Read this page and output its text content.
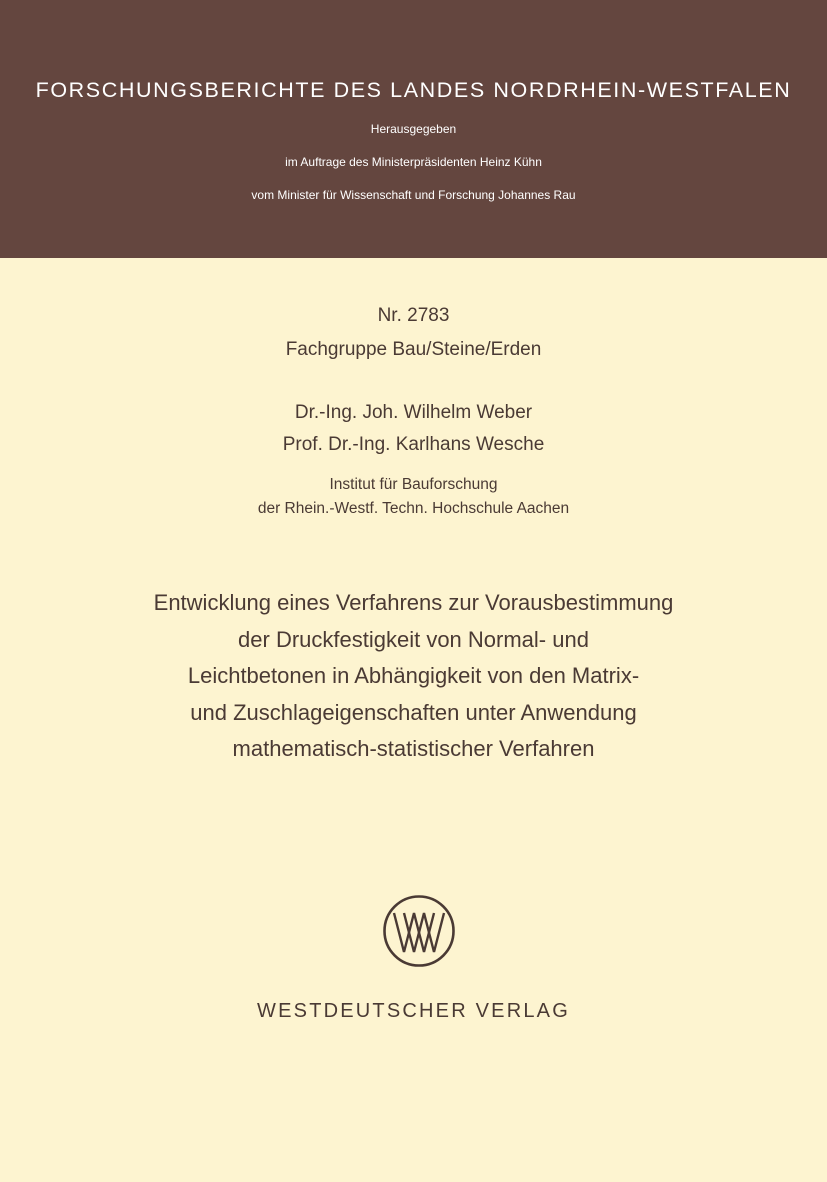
FORSCHUNGSBERICHTE DES LANDES NORDRHEIN-WESTFALEN
Herausgegeben
im Auftrage des Ministerpräsidenten Heinz Kühn
vom Minister für Wissenschaft und Forschung Johannes Rau
Nr. 2783
Fachgruppe Bau/Steine/Erden
Dr.-Ing. Joh. Wilhelm Weber
Prof. Dr.-Ing. Karlhans Wesche
Institut für Bauforschung
der Rhein.-Westf. Techn. Hochschule Aachen
Entwicklung eines Verfahrens zur Vorausbestimmung
der Druckfestigkeit von Normal- und
Leichtbetonen in Abhängigkeit von den Matrix-
und Zuschlageigenschaften unter Anwendung
mathematisch-statistischer Verfahren
WESTDEUTSCHER VERLAG
